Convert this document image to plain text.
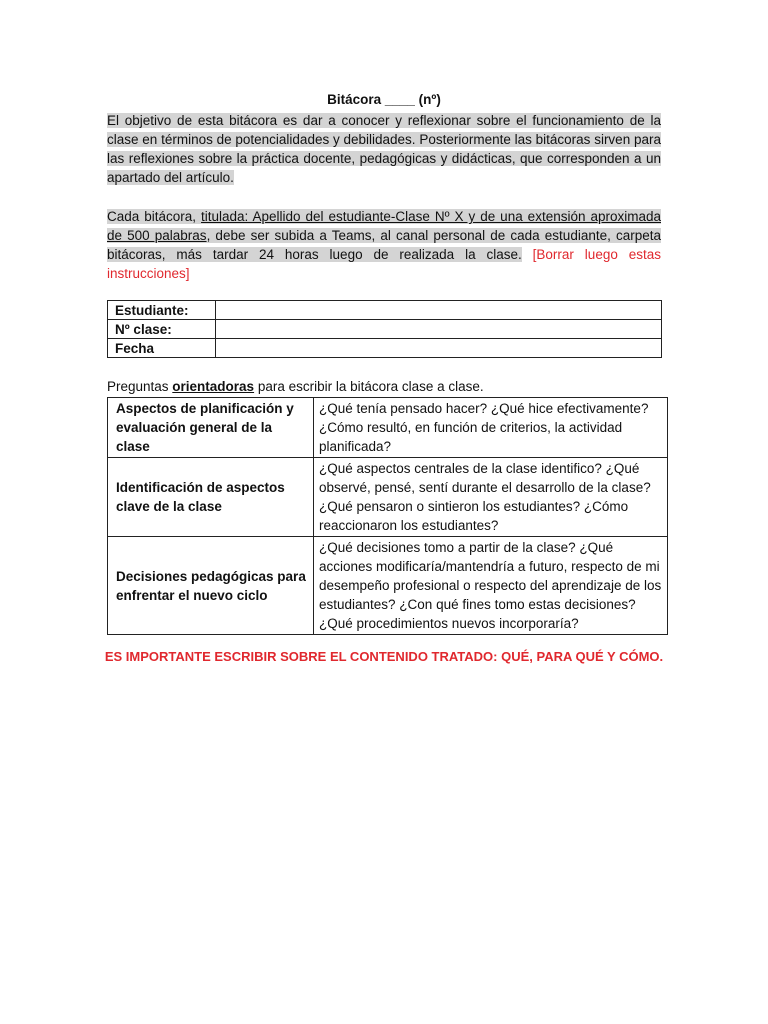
Bitácora ____ (nº)
El objetivo de esta bitácora es dar a conocer y reflexionar sobre el funcionamiento de la clase en términos de potencialidades y debilidades. Posteriormente las bitácoras sirven para las reflexiones sobre la práctica docente, pedagógicas y didácticas, que corresponden a un apartado del artículo.
Cada bitácora, titulada: Apellido del estudiante-Clase Nº X y de una extensión aproximada de 500 palabras, debe ser subida a Teams, al canal personal de cada estudiante, carpeta bitácoras, más tardar 24 horas luego de realizada la clase. [Borrar luego estas instrucciones]
Estudiante:	
Nº clase:	
Fecha	
Preguntas orientadoras para escribir la bitácora clase a clase.
Aspectos de planificación y evaluación general de la clase	¿Qué tenía pensado hacer? ¿Qué hice efectivamente? ¿Cómo resultó, en función de criterios, la actividad planificada?
Identificación de aspectos clave de la clase	¿Qué aspectos centrales de la clase identifico? ¿Qué observé, pensé, sentí durante el desarrollo de la clase? ¿Qué pensaron o sintieron los estudiantes? ¿Cómo reaccionaron los estudiantes?
Decisiones pedagógicas para enfrentar el nuevo ciclo	¿Qué decisiones tomo a partir de la clase? ¿Qué acciones modificaría/mantendría a futuro, respecto de mi desempeño profesional o respecto del aprendizaje de los estudiantes? ¿Con qué fines tomo estas decisiones? ¿Qué procedimientos nuevos incorporaría?
ES IMPORTANTE ESCRIBIR SOBRE EL CONTENIDO TRATADO: QUÉ, PARA QUÉ Y CÓMO.
